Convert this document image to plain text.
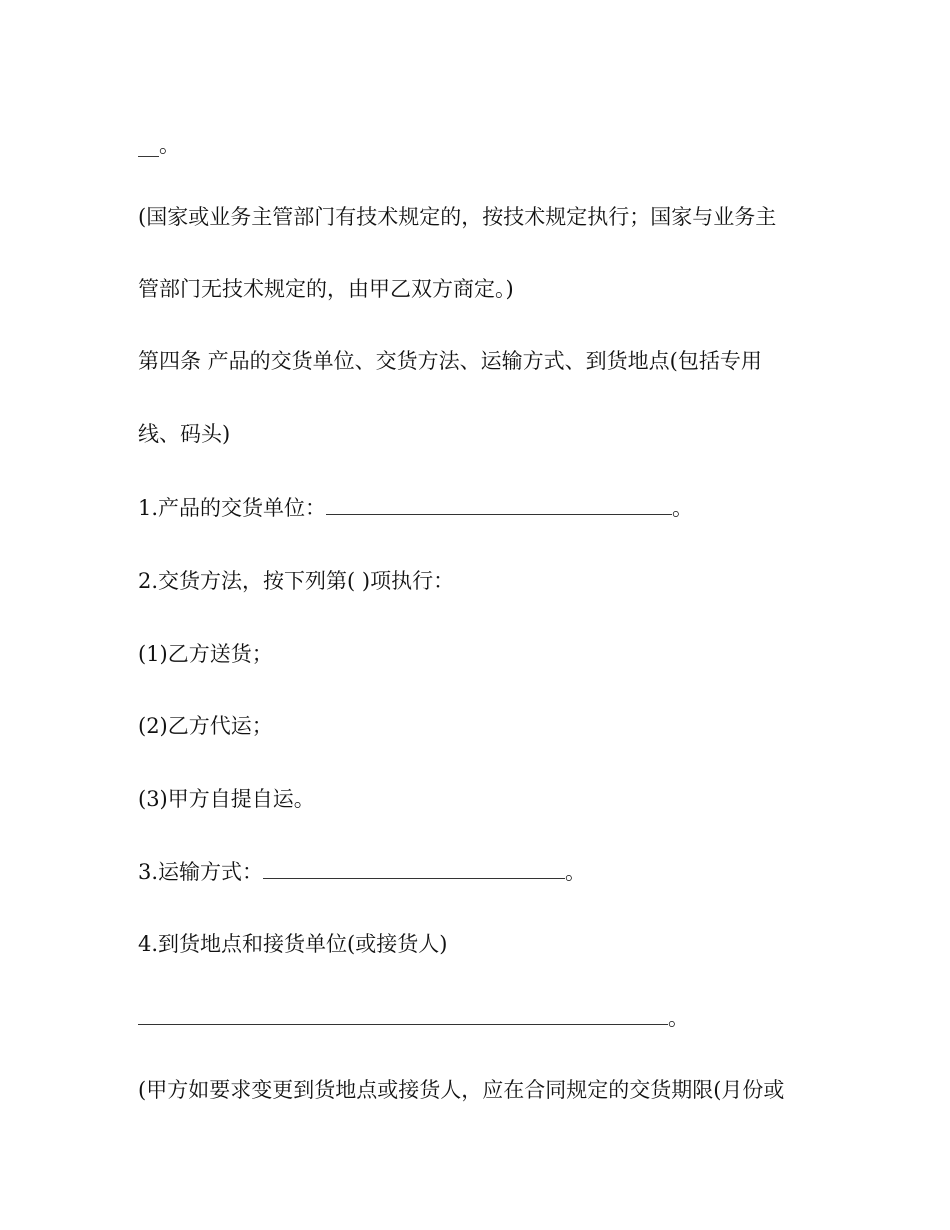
__。
(国家或业务主管部门有技术规定的，按技术规定执行；国家与业务主
管部门无技术规定的，由甲乙双方商定。)
第四条 产品的交货单位、交货方法、运输方式、到货地点(包括专用
线、码头)
1.产品的交货单位：	。
2.交货方法，按下列第( )项执行：
(1)乙方送货；
(2)乙方代运；
(3)甲方自提自运。
3.运输方式：	。
4.到货地点和接货单位(或接货人)
。
(甲方如要求变更到货地点或接货人，应在合同规定的交货期限(月份或
